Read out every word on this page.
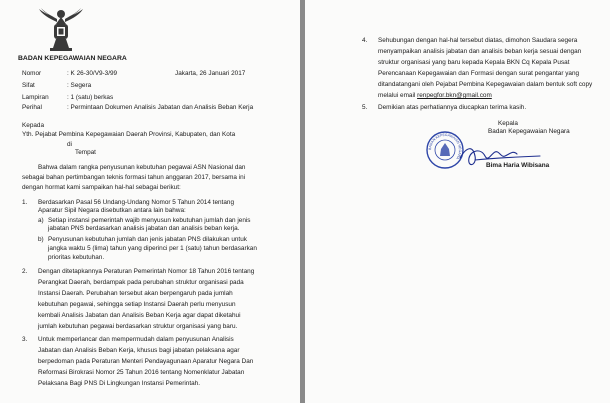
BADAN KEPEGAWAIAN NEGARA
Nomor	: K 26-30/V9-3/99	Jakarta, 26 Januari 2017
Sifat	: Segera
Lampiran	: 1 (satu) berkas
Perihal	: Permintaan Dokumen Analisis Jabatan dan Analisis Beban Kerja
Kepada
Yth. Pejabat Pembina Kepegawaian Daerah Provinsi, Kabupaten, dan Kota
di
Tempat
Bahwa dalam rangka penyusunan kebutuhan pegawai ASN Nasional dan
sebagai bahan pertimbangan teknis formasi tahun anggaran 2017, bersama ini
dengan hormat kami sampaikan hal-hal sebagai berikut:
1. Berdasarkan Pasal 56 Undang-Undang Nomor 5 Tahun 2014 tentang
Aparatur Sipil Negara disebutkan antara lain bahwa:
a) Setiap instansi pemerintah wajib menyusun kebutuhan jumlah dan jenis
jabatan PNS berdasarkan analisis jabatan dan analisis beban kerja.
b) Penyusunan kebutuhan jumlah dan jenis jabatan PNS dilakukan untuk
jangka waktu 5 (lima) tahun yang diperinci per 1 (satu) tahun berdasarkan
prioritas kebutuhan.
2. Dengan ditetapkannya Peraturan Pemerintah Nomor 18 Tahun 2016 tentang
Perangkat Daerah, berdampak pada perubahan struktur organisasi pada
Instansi Daerah. Perubahan tersebut akan berpengaruh pada jumlah
kebutuhan pegawai, sehingga setiap Instansi Daerah perlu menyusun
kembali Analisis Jabatan dan Analisis Beban Kerja agar dapat diketahui
jumlah kebutuhan pegawai berdasarkan struktur organisasi yang baru.
3. Untuk memperlancar dan mempermudah dalam penyusunan Analisis
Jabatan dan Analisis Beban Kerja, khusus bagi jabatan pelaksana agar
berpedoman pada Peraturan Menteri Pendayagunaan Aparatur Negara Dan
Reformasi Birokrasi Nomor 25 Tahun 2016 tentang Nomenklatur Jabatan
Pelaksana Bagi PNS Di Lingkungan Instansi Pemerintah.
4. Sehubungan dengan hal-hal tersebut diatas, dimohon Saudara segera
menyampaikan analisis jabatan dan analisis beban kerja sesuai dengan
struktur organisasi yang baru kepada Kepala BKN Cq Kepala Pusat
Perencanaan Kepegawaian dan Formasi dengan surat pengantar yang
ditandatangani oleh Pejabat Pembina Kepegawaian dalam bentuk soft copy
melalui email renpegfor.bkn@gmail.com
5. Demikian atas perhatiannya diucapkan terima kasih.
Kepala
Badan Kepegawaian Negara
BADAN KEPEGAWAIAN NEGARA
Bima Haria Wibisana
